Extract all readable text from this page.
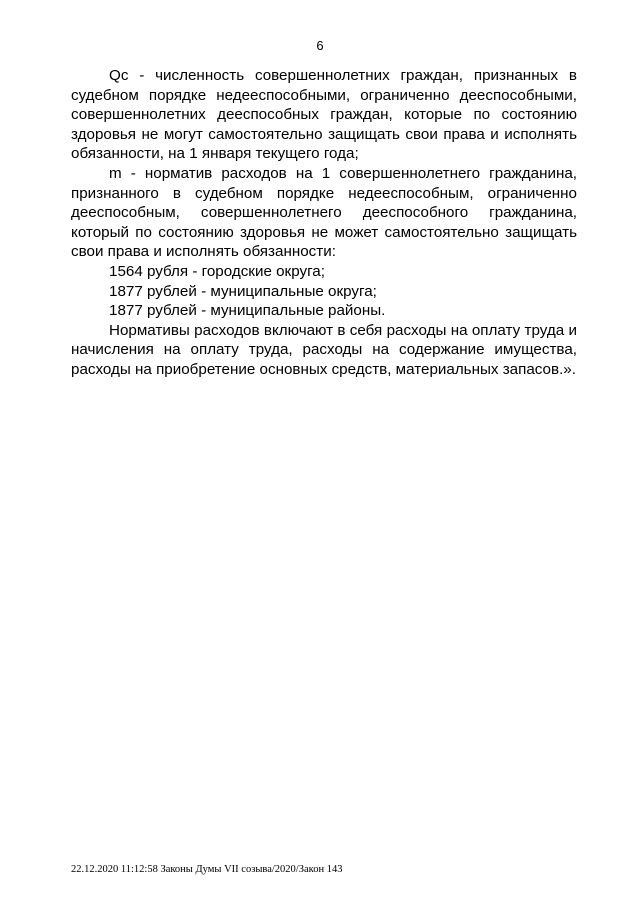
6

Qc - численность совершеннолетних граждан, признанных в судебном порядке недееспособными, ограниченно дееспособными, совершеннолетних дееспособных граждан, которые по состоянию здоровья не могут самостоятельно защищать свои права и исполнять обязанности, на 1 января текущего года;

m - норматив расходов на 1 совершеннолетнего гражданина, признанного в судебном порядке недееспособным, ограниченно дееспособным, совершеннолетнего дееспособного гражданина, который по состоянию здоровья не может самостоятельно защищать свои права и исполнять обязанности:

1564 рубля - городские округа;

1877 рублей - муниципальные округа;

1877 рублей - муниципальные районы.

Нормативы расходов включают в себя расходы на оплату труда и начисления на оплату труда, расходы на содержание имущества, расходы на приобретение основных средств, материальных запасов.».

22.12.2020 11:12:58 Законы Думы VII созыва/2020/Закон 143
